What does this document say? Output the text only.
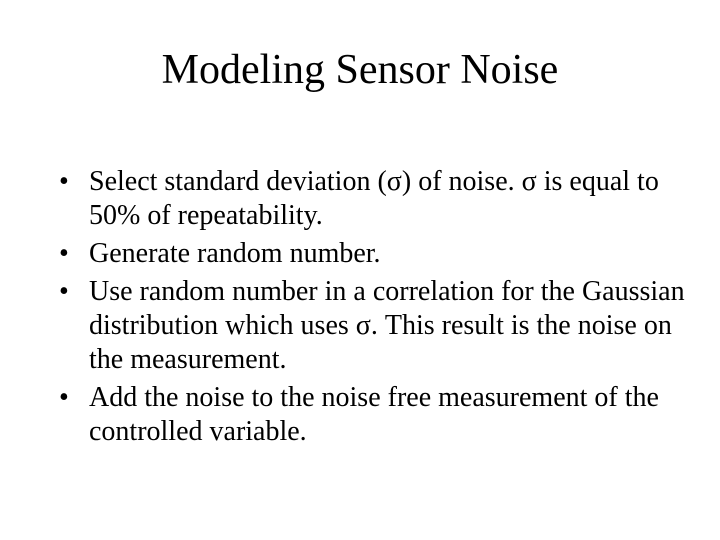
Modeling Sensor Noise
• Select standard deviation (σ) of noise. σ is equal to 50% of repeatability.
• Generate random number.
• Use random number in a correlation for the Gaussian distribution which uses σ. This result is the noise on the measurement.
• Add the noise to the noise free measurement of the controlled variable.
